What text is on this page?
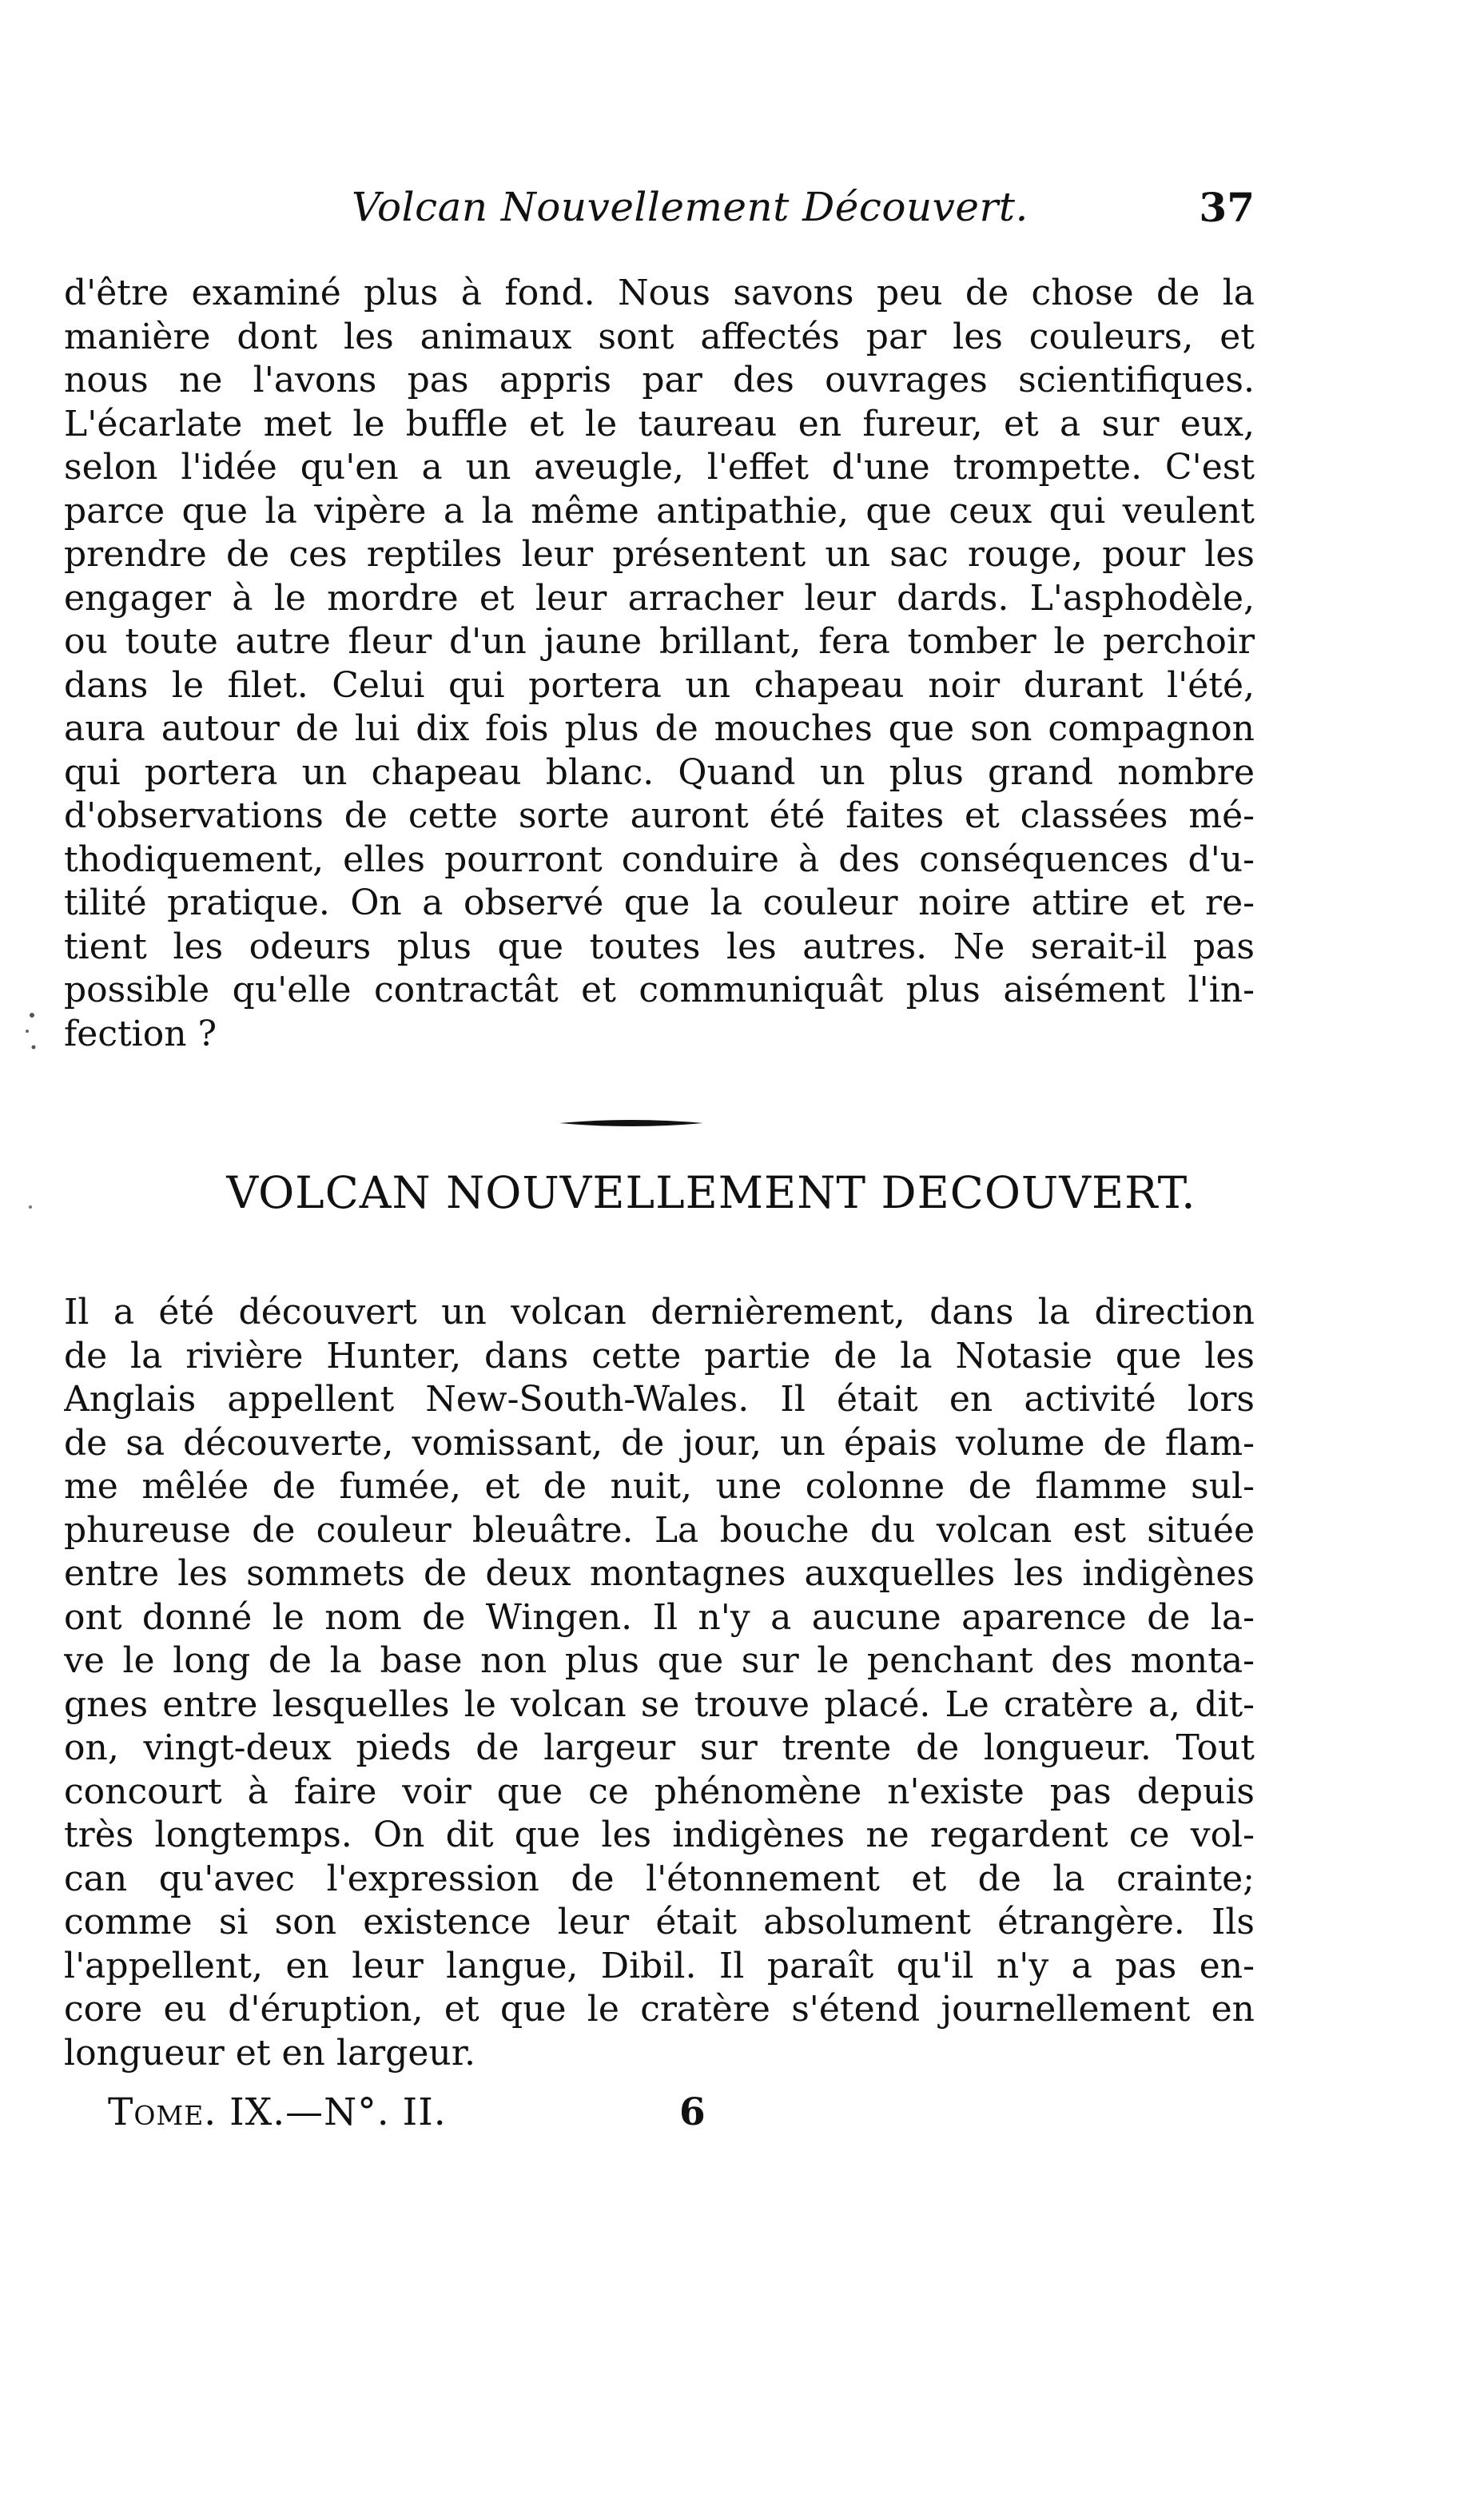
Volcan Nouvellement Découvert.	37
d'être examiné plus à fond. Nous savons peu de chose de la
manière dont les animaux sont affectés par les couleurs, et
nous ne l'avons pas appris par des ouvrages scientifiques.
L'écarlate met le buffle et le taureau en fureur, et a sur eux,
selon l'idée qu'en a un aveugle, l'effet d'une trompette. C'est
parce que la vipère a la même antipathie, que ceux qui veulent
prendre de ces reptiles leur présentent un sac rouge, pour les
engager à le mordre et leur arracher leur dards. L'asphodèle,
ou toute autre fleur d'un jaune brillant, fera tomber le perchoir
dans le filet. Celui qui portera un chapeau noir durant l'été,
aura autour de lui dix fois plus de mouches que son compagnon
qui portera un chapeau blanc. Quand un plus grand nombre
d'observations de cette sorte auront été faites et classées mé-
thodiquement, elles pourront conduire à des conséquences d'u-
tilité pratique. On a observé que la couleur noire attire et re-
tient les odeurs plus que toutes les autres. Ne serait-il pas
possible qu'elle contractât et communiquât plus aisément l'in-
fection ?
VOLCAN NOUVELLEMENT DECOUVERT.
Il a été découvert un volcan dernièrement, dans la direction
de la rivière Hunter, dans cette partie de la Notasie que les
Anglais appellent New-South-Wales. Il était en activité lors
de sa découverte, vomissant, de jour, un épais volume de flam-
me mêlée de fumée, et de nuit, une colonne de flamme sul-
phureuse de couleur bleuâtre. La bouche du volcan est située
entre les sommets de deux montagnes auxquelles les indigènes
ont donné le nom de Wingen. Il n'y a aucune aparence de la-
ve le long de la base non plus que sur le penchant des monta-
gnes entre lesquelles le volcan se trouve placé. Le cratère a, dit-
on, vingt-deux pieds de largeur sur trente de longueur. Tout
concourt à faire voir que ce phénomène n'existe pas depuis
très longtemps. On dit que les indigènes ne regardent ce vol-
can qu'avec l'expression de l'étonnement et de la crainte;
comme si son existence leur était absolument étrangère. Ils
l'appellent, en leur langue, Dibil. Il paraît qu'il n'y a pas en-
core eu d'éruption, et que le cratère s'étend journellement en
longueur et en largeur.
Tome. IX.—N°. II.	6
